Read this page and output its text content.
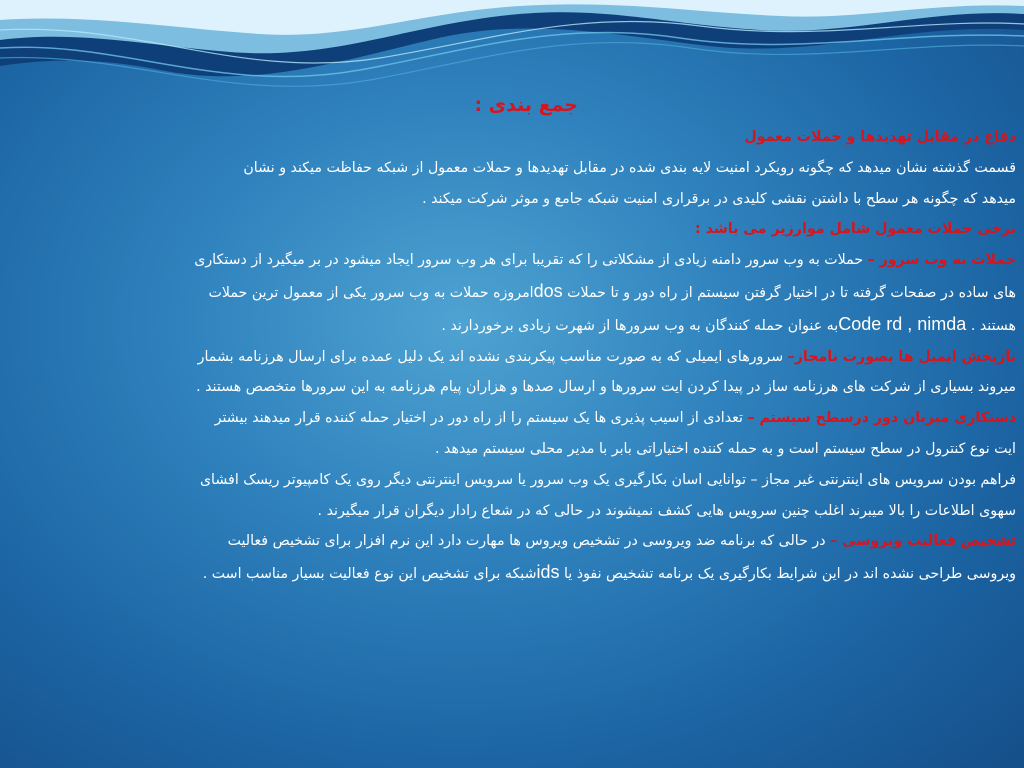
جمع بندی :
دفاع در مقابل تهدیدها و حملات معمول
قسمت گذشته نشان میدهد که چگونه رویکرد امنیت لایه بندی شده در مقابل تهدیدها و حملات معمول از شبکه حفاظت میکند و نشان
میدهد که چگونه هر سطح با داشتن نقشی کلیدی در برقراری امنیت شبکه جامع و موثر شرکت میکند .
برخی حملات معمول شامل موارزیر می باشد :
حملات به وب سرور – حملات به وب سرور دامنه زیادی از مشکلاتی را که تقریبا برای هر وب سرور ایجاد میشود در بر میگیرد از دستکاری
های ساده در صفحات گرفته تا در اختیار گرفتن سیستم از راه دور و تا حملات dosامروزه حملات به وب سرور یکی از معمول ترین حملات
هستند . Code rd , nimdaبه عنوان حمله کنندگان به وب سرورها از شهرت زیادی برخوردارند .
بازپخش ایمیل ها بصورت نامجاز– سرورهای ایمیلی که به صورت مناسب پیکربندی نشده اند یک دلیل عمده برای ارسال هرزنامه بشمار
میروند بسیاری از شرکت های هرزنامه ساز در پیدا کردن ایت سرورها و ارسال صدها و هزاران پیام هرزنامه به این سرورها متخصص هستند .
دستکاری میزبان دور درسطح سیستم – تعدادی از اسیب پذیری ها یک سیستم را از راه دور در اختیار حمله کننده قرار میدهند بیشتر
ایت نوع کنترول در سطح سیستم است و به حمله کننده اختیاراتی بابر با مدیر محلی سیستم میدهد .
فراهم بودن سرویس های اینترنتی غیر مجاز – توانایی اسان بکارگیری یک وب سرور یا سرویس اینترنتی دیگر روی یک کامپیوتر ریسک افشای
سهوی اطلاعات را بالا میبرند اغلب چنین سرویس هایی کشف نمیشوند در حالی که در شعاع رادار دیگران قرار میگیرند .
تشخیص فعالیت ویروسی – در حالی که برنامه ضد ویروسی در تشخیص ویروس ها مهارت دارد این نرم افزار برای تشخیص فعالیت
ویروسی طراحی نشده اند در این شرایط بکارگیری یک برنامه تشخیص نفوذ یا idsشبکه برای تشخیص این نوع فعالیت بسیار مناسب است .
